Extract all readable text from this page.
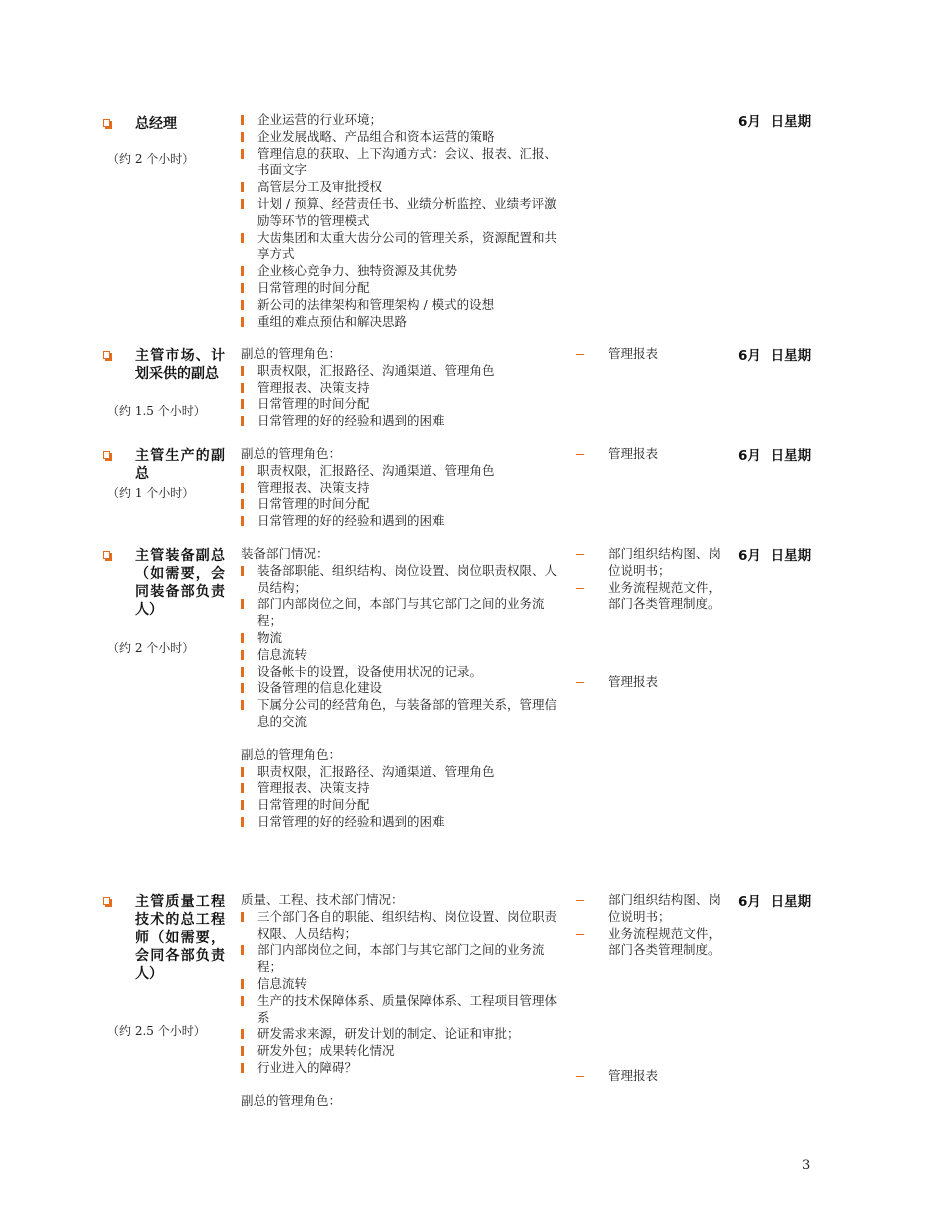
总经理
（约 2 个小时）
企业运营的行业环境；
企业发展战略、产品组合和资本运营的策略
管理信息的获取、上下沟通方式：会议、报表、汇报、书面文字
高管层分工及审批授权
计划 / 预算、经营责任书、业绩分析监控、业绩考评激励等环节的管理模式
大齿集团和太重大齿分公司的管理关系，资源配置和共享方式
企业核心竞争力、独特资源及其优势
日常管理的时间分配
新公司的法律架构和管理架构 / 模式的设想
重组的难点预估和解决思路
6月 日星期
主管市场、计划采供的副总
（约 1.5 个小时）
副总的管理角色：
职责权限，汇报路径、沟通渠道、管理角色
管理报表、决策支持
日常管理的时间分配
日常管理的好的经验和遇到的困难
管理报表	6月 日星期
主管生产的副总
（约 1 个小时）
副总的管理角色：
职责权限，汇报路径、沟通渠道、管理角色
管理报表、决策支持
日常管理的时间分配
日常管理的好的经验和遇到的困难
管理报表	6月 日星期
主管装备副总（如需要，会同装备部负责人）
（约 2 个小时）
装备部门情况：
装备部职能、组织结构、岗位设置、岗位职责权限、人员结构；
部门内部岗位之间，本部门与其它部门之间的业务流程；
物流
信息流转
设备帐卡的设置，设备使用状况的记录。
设备管理的信息化建设
下属分公司的经营角色，与装备部的管理关系，管理信息的交流
副总的管理角色：
职责权限，汇报路径、沟通渠道、管理角色
管理报表、决策支持
日常管理的时间分配
日常管理的好的经验和遇到的困难
部门组织结构图、岗位说明书；
业务流程规范文件，部门各类管理制度。
管理报表
6月 日星期
主管质量工程技术的总工程师（如需要，会同各部负责人）
（约 2.5 个小时）
质量、工程、技术部门情况：
三个部门各自的职能、组织结构、岗位设置、岗位职责权限、人员结构；
部门内部岗位之间，本部门与其它部门之间的业务流程；
信息流转
生产的技术保障体系、质量保障体系、工程项目管理体系
研发需求来源，研发计划的制定、论证和审批；
研发外包；成果转化情况
行业进入的障碍？
副总的管理角色：
部门组织结构图、岗位说明书；
业务流程规范文件，部门各类管理制度。
管理报表
6月 日星期
3
